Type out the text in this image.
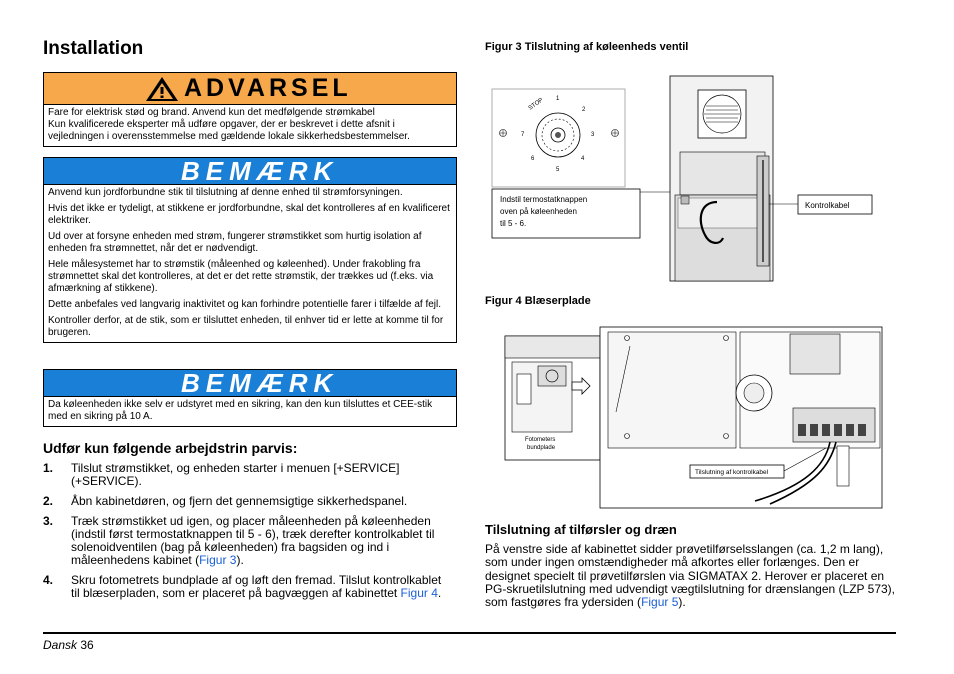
Installation
ADVARSEL
Fare for elektrisk stød og brand. Anvend kun det medfølgende strømkabel
Kun kvalificerede eksperter må udføre opgaver, der er beskrevet i dette afsnit i vejledningen i overensstemmelse med gældende lokale sikkerhedsbestemmelser.
BEMÆRK

Anvend kun jordforbundne stik til tilslutning af denne enhed til strømforsyningen.

Hvis det ikke er tydeligt, at stikkene er jordforbundne, skal det kontrolleres af en kvalificeret elektriker.

Ud over at forsyne enheden med strøm, fungerer strømstikket som hurtig isolation af enheden fra strømnettet, når det er nødvendigt.

Hele målesystemet har to strømstik (måleenhed og køleenhed). Under frakobling fra strømnettet skal det kontrolleres, at det er det rette strømstik, der trækkes ud (f.eks. via afmærkning af stikkene).

Dette anbefales ved langvarig inaktivitet og kan forhindre potentielle farer i tilfælde af fejl.

Kontroller derfor, at de stik, som er tilsluttet enheden, til enhver tid er lette at komme til for brugeren.

BEMÆRK

Da køleenheden ikke selv er udstyret med en sikring, kan den kun tilsluttes et CEE-stik med en sikring på 10 A.

Udfør kun følgende arbejdstrin parvis:
1. Tilslut strømstikket, og enheden starter i menuen [+SERVICE] (+SERVICE).
2. Åbn kabinetdøren, og fjern det gennemsigtige sikkerhedspanel.
3. Træk strømstikket ud igen, og placer måleenheden på køleenheden (indstil først termostatknappen til 5 - 6), træk derefter kontrolkablet til solenoidventilen (bag på køleenheden) fra bagsiden og ind i måleenhedens kabinet (Figur 3).
4. Skru fotometrets bundplade af og løft den fremad. Tilslut kontrolkablet til blæserpladen, som er placeret på bagvæggen af kabinettet Figur 4.
Figur 3 Tilslutning af køleenheds ventil
STOP 1
2
3
4
5
6
7
Indstil termostatknappen
oven på køleenheden
til 5 - 6.
Kontrolkabel
Figur 4 Blæserplade
Fotometers
bundplade
Tilslutning af kontrolkabel
Tilslutning af tilførsler og dræn

På venstre side af kabinettet sidder prøvetilførselsslangen (ca. 1,2 m lang), som under ingen omstændigheder må afkortes eller forlænges. Den er designet specielt til prøvetilførslen via SIGMATAX 2. Herover er placeret en PG-skruetilslutning med udvendigt vægtilslutning for drænslangen (LZP 573), som fastgøres fra ydersiden (Figur 5).

Dansk 36
